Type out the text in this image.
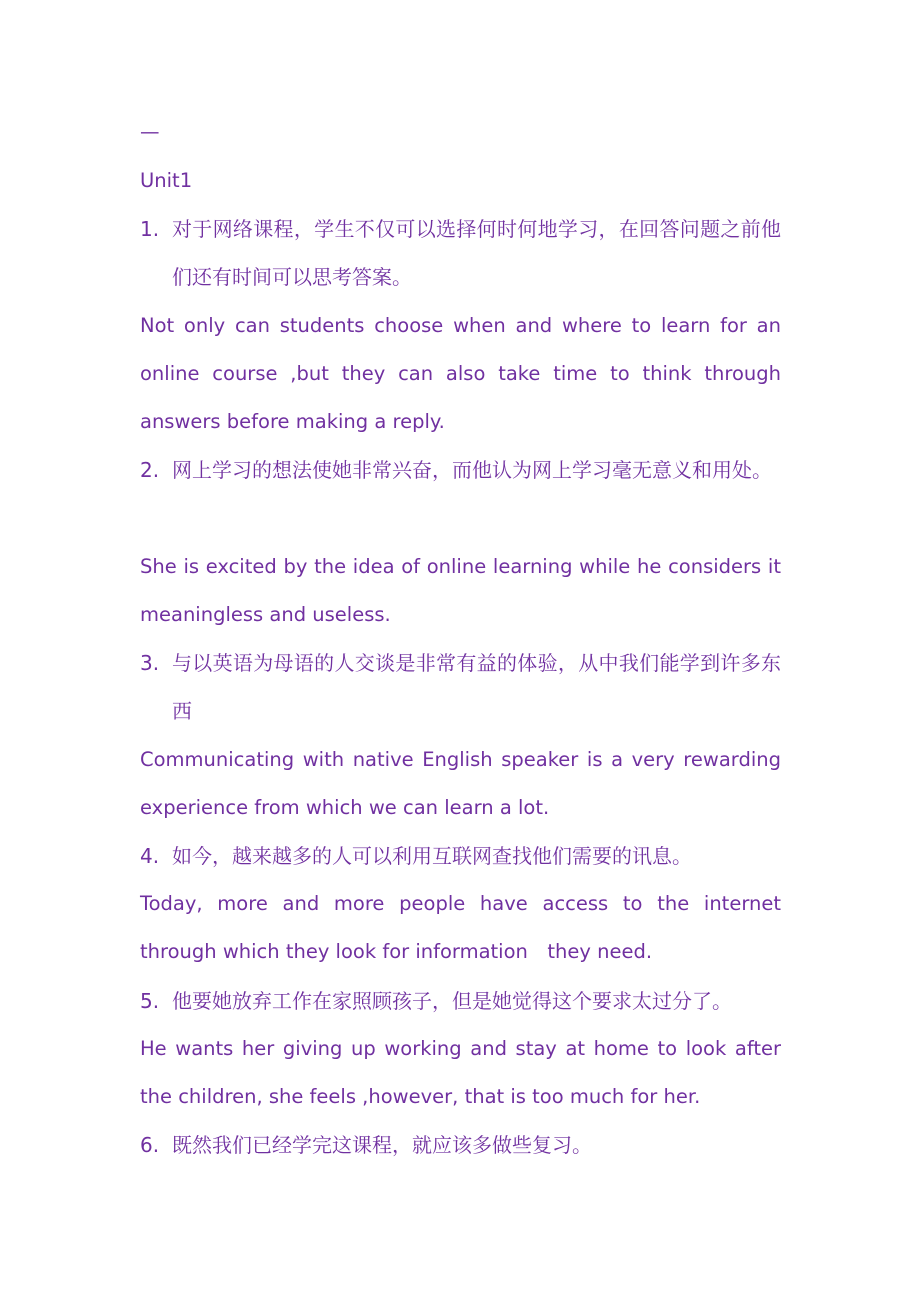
—
Unit1
1. 对于网络课程，学生不仅可以选择何时何地学习，在回答问题之前他们还有时间可以思考答案。
Not only can students choose when and where to learn for an online course ,but they can also take time to think through answers before making a reply.
2. 网上学习的想法使她非常兴奋，而他认为网上学习毫无意义和用处。
She is excited by the idea of online learning while he considers it meaningless and useless.
3. 与以英语为母语的人交谈是非常有益的体验，从中我们能学到许多东西
Communicating with native English speaker is a very rewarding experience from which we can learn a lot.
4. 如今，越来越多的人可以利用互联网查找他们需要的讯息。
Today, more and more people have access to the internet through which they look for information　they need.
5. 他要她放弃工作在家照顾孩子，但是她觉得这个要求太过分了。
He wants her giving up working and stay at home to look after the children, she feels ,however, that is too much for her.
6. 既然我们已经学完这课程，就应该多做些复习。
